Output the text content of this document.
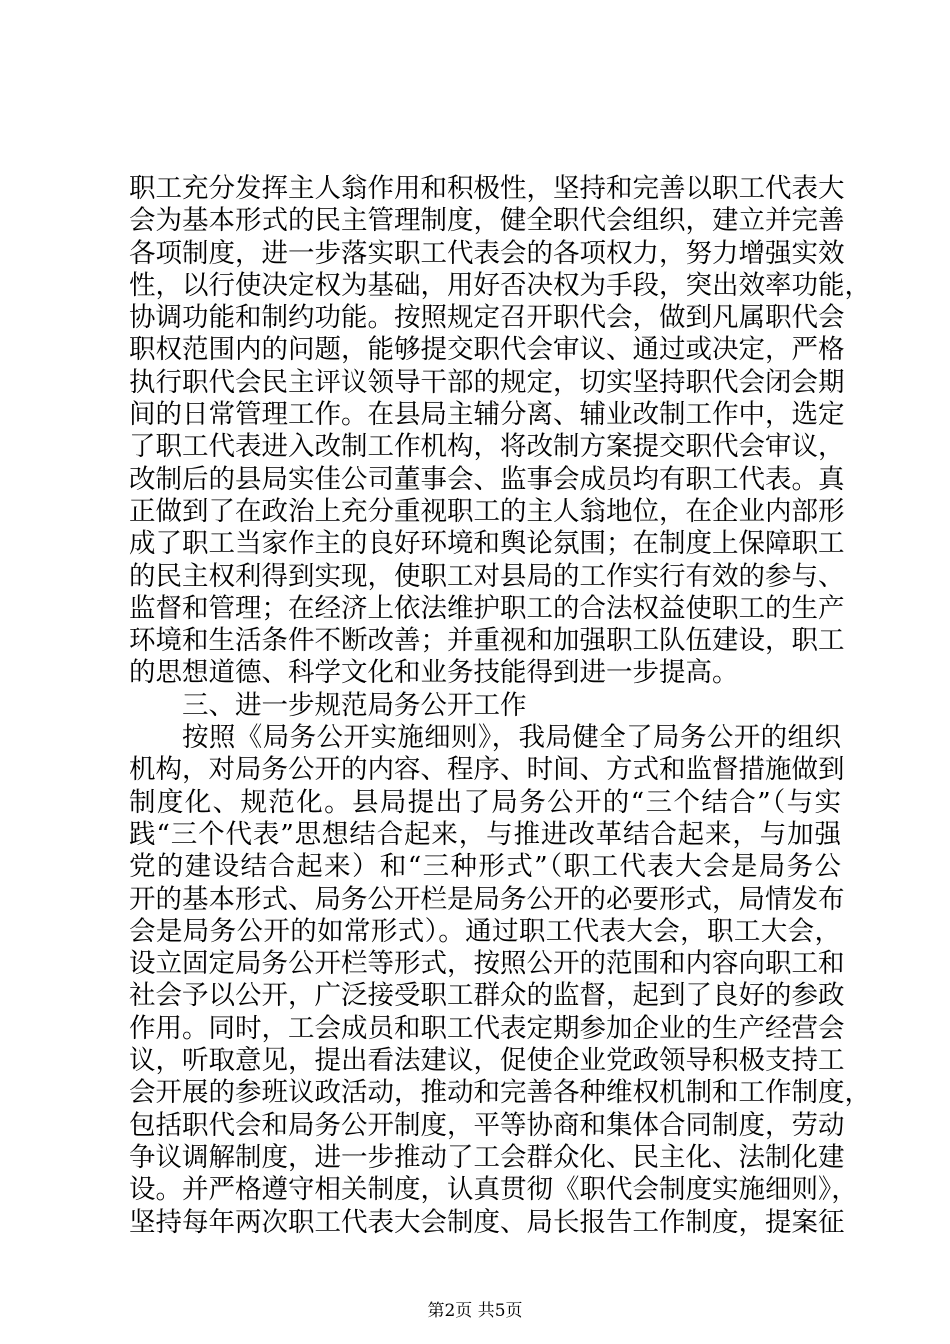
职工充分发挥主人翁作用和积极性，坚持和完善以职工代表大
会为基本形式的民主管理制度，健全职代会组织，建立并完善
各项制度，进一步落实职工代表会的各项权力，努力增强实效
性，以行使决定权为基础，用好否决权为手段，突出效率功能，
协调功能和制约功能。按照规定召开职代会，做到凡属职代会
职权范围内的问题，能够提交职代会审议、通过或决定，严格
执行职代会民主评议领导干部的规定，切实坚持职代会闭会期
间的日常管理工作。在县局主辅分离、辅业改制工作中，选定
了职工代表进入改制工作机构，将改制方案提交职代会审议，
改制后的县局实佳公司董事会、监事会成员均有职工代表。真
正做到了在政治上充分重视职工的主人翁地位，在企业内部形
成了职工当家作主的良好环境和舆论氛围；在制度上保障职工
的民主权利得到实现，使职工对县局的工作实行有效的参与、
监督和管理；在经济上依法维护职工的合法权益使职工的生产
环境和生活条件不断改善；并重视和加强职工队伍建设，职工
的思想道德、科学文化和业务技能得到进一步提高。
三、进一步规范局务公开工作
按照《局务公开实施细则》，我局健全了局务公开的组织
机构，对局务公开的内容、程序、时间、方式和监督措施做到
制度化、规范化。县局提出了局务公开的“三个结合”（与实
践“三个代表”思想结合起来，与推进改革结合起来，与加强
党的建设结合起来）和“三种形式”（职工代表大会是局务公
开的基本形式、局务公开栏是局务公开的必要形式，局情发布
会是局务公开的如常形式）。通过职工代表大会，职工大会，
设立固定局务公开栏等形式，按照公开的范围和内容向职工和
社会予以公开，广泛接受职工群众的监督，起到了良好的参政
作用。同时，工会成员和职工代表定期参加企业的生产经营会
议，听取意见，提出看法建议，促使企业党政领导积极支持工
会开展的参班议政活动，推动和完善各种维权机制和工作制度，
包括职代会和局务公开制度，平等协商和集体合同制度，劳动
争议调解制度，进一步推动了工会群众化、民主化、法制化建
设。并严格遵守相关制度，认真贯彻《职代会制度实施细则》，
坚持每年两次职工代表大会制度、局长报告工作制度，提案征
第2页 共5页
